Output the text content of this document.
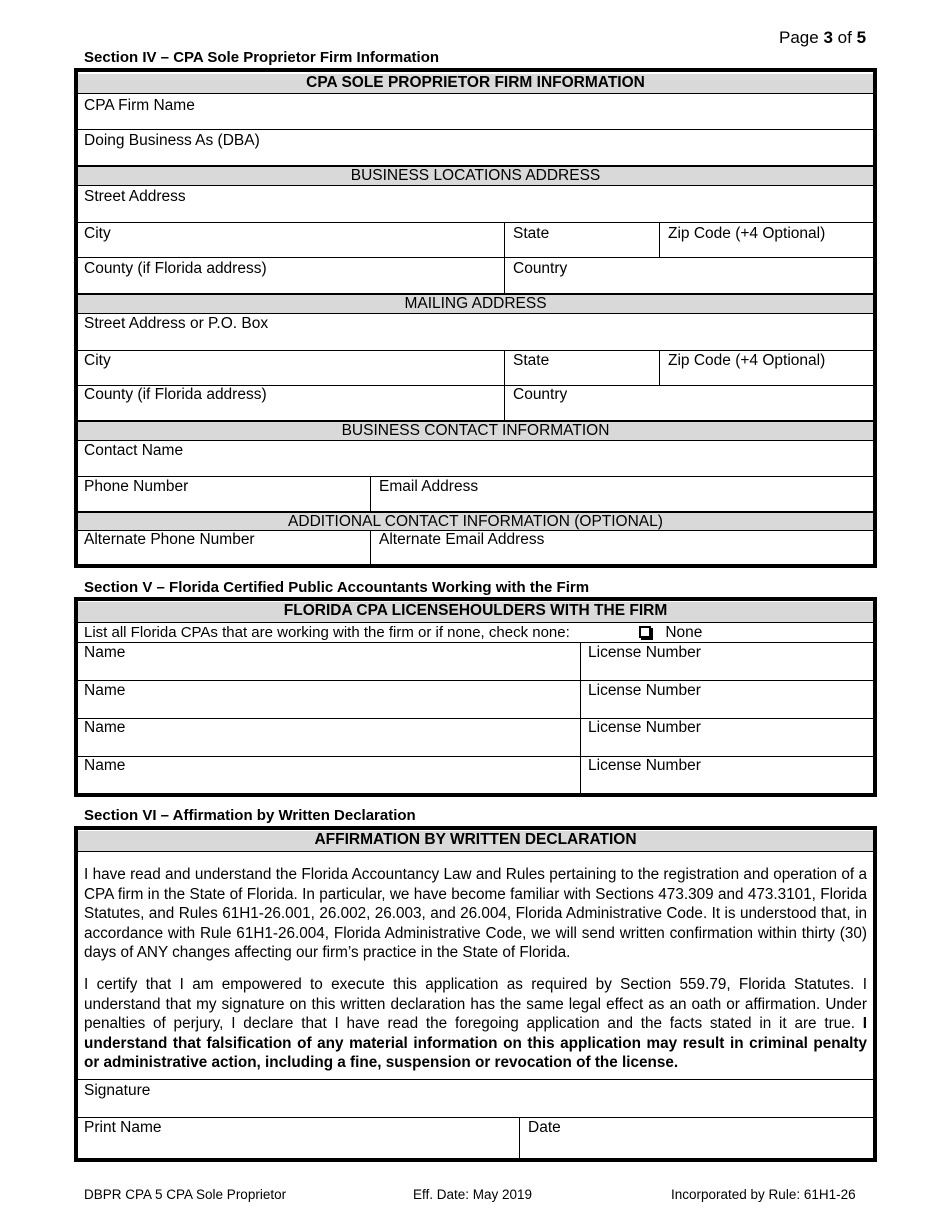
Page 3 of 5
Section IV – CPA Sole Proprietor Firm Information
CPA SOLE PROPRIETOR FIRM INFORMATION
CPA Firm Name
Doing Business As (DBA)
BUSINESS LOCATIONS ADDRESS
Street Address
City	State	Zip Code (+4 Optional)
County (if Florida address)	Country
MAILING ADDRESS
Street Address or P.O. Box
City	State	Zip Code (+4 Optional)
County (if Florida address)	Country
BUSINESS CONTACT INFORMATION
Contact Name
Phone Number	Email Address
ADDITIONAL CONTACT INFORMATION (OPTIONAL)
Alternate Phone Number	Alternate Email Address
Section V – Florida Certified Public Accountants Working with the Firm
FLORIDA CPA LICENSEHOULDERS WITH THE FIRM
List all Florida CPAs that are working with the firm or if none, check none:	None
Name	License Number
Name	License Number
Name	License Number
Name	License Number
Section VI – Affirmation by Written Declaration
AFFIRMATION BY WRITTEN DECLARATION
I have read and understand the Florida Accountancy Law and Rules pertaining to the registration and operation of a CPA firm in the State of Florida. In particular, we have become familiar with Sections 473.309 and 473.3101, Florida Statutes, and Rules 61H1-26.001, 26.002, 26.003, and 26.004, Florida Administrative Code. It is understood that, in accordance with Rule 61H1-26.004, Florida Administrative Code, we will send written confirmation within thirty (30) days of ANY changes affecting our firm’s practice in the State of Florida.
I certify that I am empowered to execute this application as required by Section 559.79, Florida Statutes. I understand that my signature on this written declaration has the same legal effect as an oath or affirmation. Under penalties of perjury, I declare that I have read the foregoing application and the facts stated in it are true. I understand that falsification of any material information on this application may result in criminal penalty or administrative action, including a fine, suspension or revocation of the license.
Signature
Print Name	Date
DBPR CPA 5 CPA Sole Proprietor	Eff. Date: May 2019	Incorporated by Rule: 61H1-26
